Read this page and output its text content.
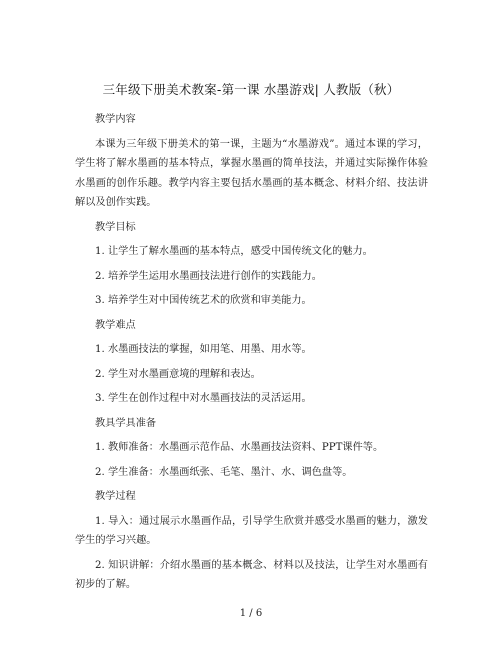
三年级下册美术教案-第一课 水墨游戏| 人教版（秋）
教学内容
本课为三年级下册美术的第一课，主题为“水墨游戏”。通过本课的学习，学生将了解水墨画的基本特点，掌握水墨画的简单技法，并通过实际操作体验水墨画的创作乐趣。教学内容主要包括水墨画的基本概念、材料介绍、技法讲解以及创作实践。
教学目标
1. 让学生了解水墨画的基本特点，感受中国传统文化的魅力。
2. 培养学生运用水墨画技法进行创作的实践能力。
3. 培养学生对中国传统艺术的欣赏和审美能力。
教学难点
1. 水墨画技法的掌握，如用笔、用墨、用水等。
2. 学生对水墨画意境的理解和表达。
3. 学生在创作过程中对水墨画技法的灵活运用。
教具学具准备
1. 教师准备：水墨画示范作品、水墨画技法资料、PPT课件等。
2. 学生准备：水墨画纸张、毛笔、墨汁、水、调色盘等。
教学过程
1. 导入：通过展示水墨画作品，引导学生欣赏并感受水墨画的魅力，激发学生的学习兴趣。
2. 知识讲解：介绍水墨画的基本概念、材料以及技法，让学生对水墨画有初步的了解。
1 / 6
